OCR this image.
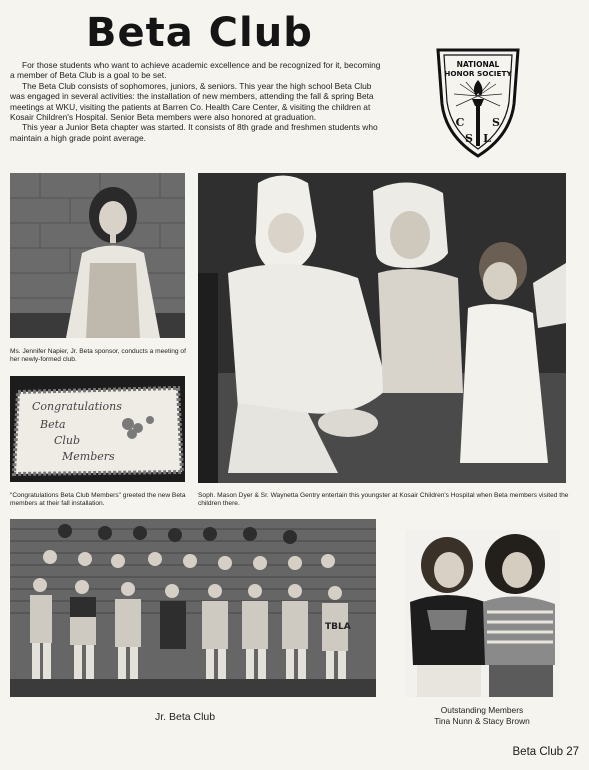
Beta Club

For those students who want to achieve academic excellence and be recognized for it, becoming a member of Beta Club is a goal to be set.

The Beta Club consists of sophomores, juniors, & seniors. This year the high school Beta Club was engaged in several activities: the installation of new members, attending the fall & spring Beta meetings at WKU, visiting the patients at Barren Co. Health Care Center, & visiting the children at Kosair Children's Hospital. Senior Beta members were also honored at graduation.

This year a Junior Beta chapter was started. It consists of 8th grade and freshmen students who maintain a high grade point average.

NATIONAL
HONOR SOCIETY
C
S L
S
Ms. Jennifer Napier, Jr. Beta sponsor, conducts a meeting of her newly-formed club.
Congratulations
Beta
Club
Members
"Congratulations Beta Club Members" greeted the new Beta members at their fall installation.
Soph. Mason Dyer & Sr. Waynetta Gentry entertain this youngster at Kosair Children's Hospital when Beta members visited the children there.
TBLA
Jr. Beta Club
Outstanding Members
Tina Nunn & Stacy Brown
Beta Club 27
